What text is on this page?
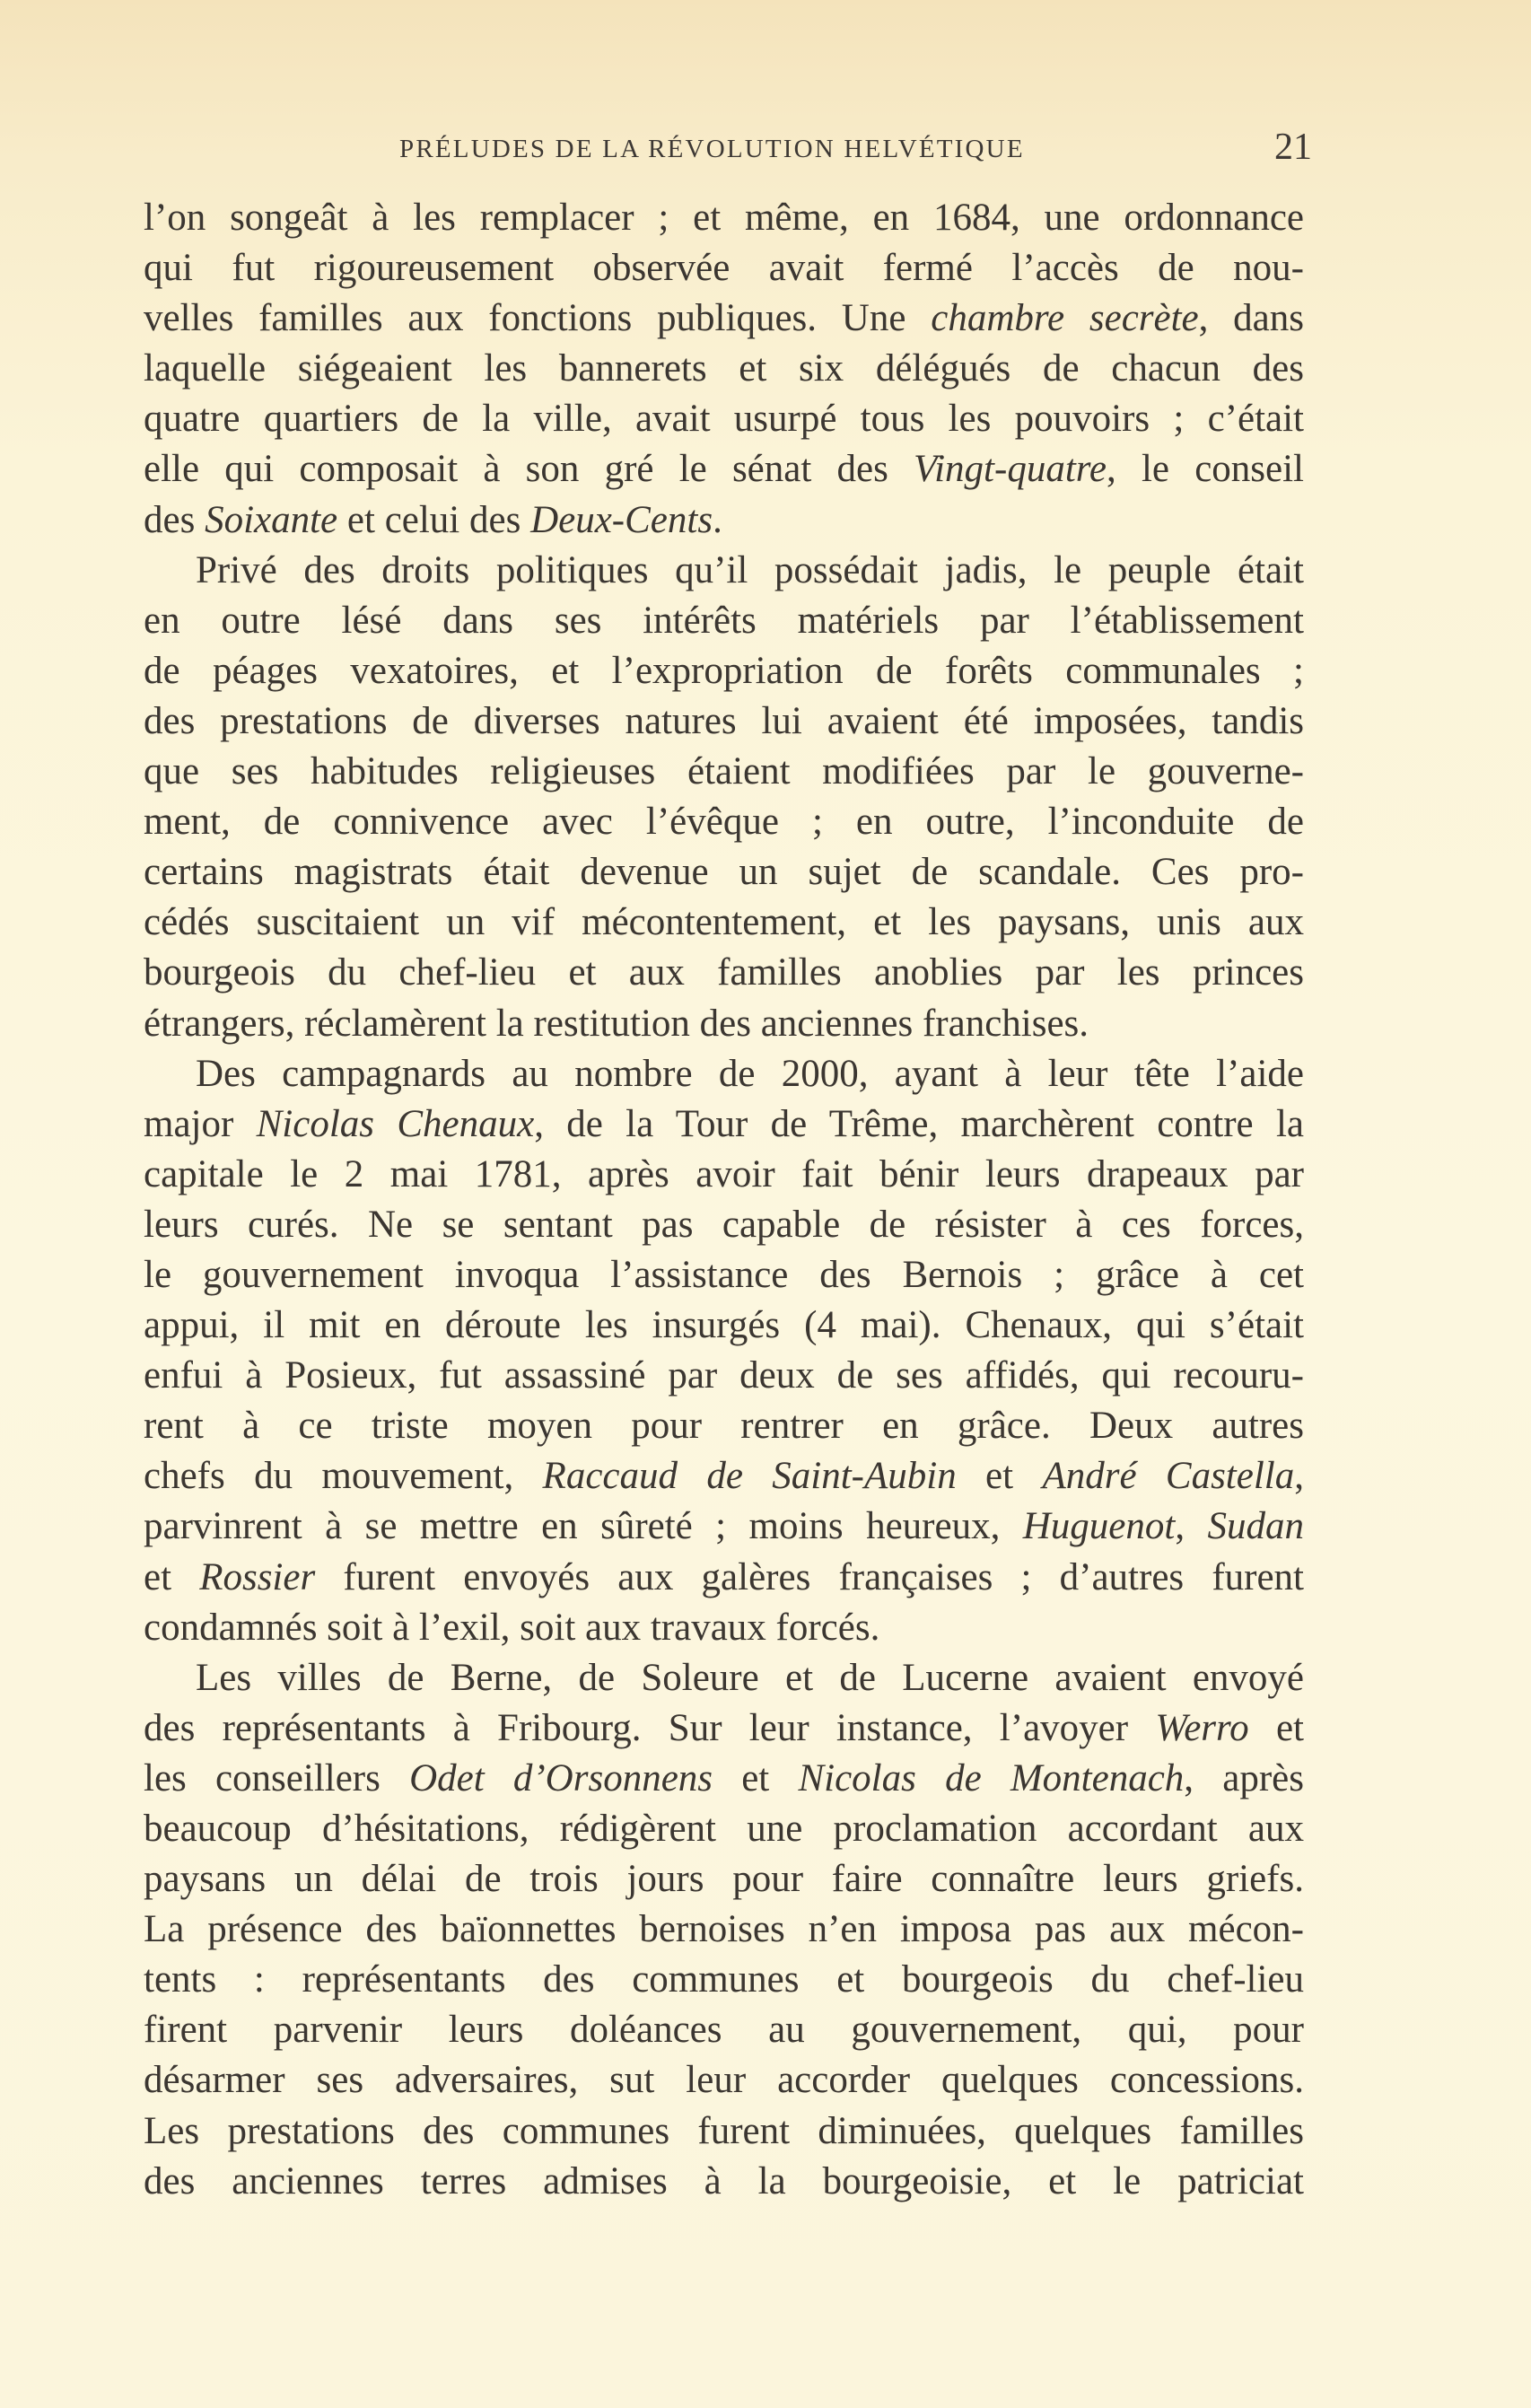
PRÉLUDES DE LA RÉVOLUTION HELVÉTIQUE	21
l’on songeât à les remplacer ; et même, en 1684, une ordonnance
qui fut rigoureusement observée avait fermé l’accès de nou-
velles familles aux fonctions publiques. Une chambre secrète, dans
laquelle siégeaient les bannerets et six délégués de chacun des
quatre quartiers de la ville, avait usurpé tous les pouvoirs ; c’était
elle qui composait à son gré le sénat des Vingt-quatre, le conseil
des Soixante et celui des Deux-Cents.
Privé des droits politiques qu’il possédait jadis, le peuple était
en outre lésé dans ses intérêts matériels par l’établissement
de péages vexatoires, et l’expropriation de forêts communales ;
des prestations de diverses natures lui avaient été imposées, tandis
que ses habitudes religieuses étaient modifiées par le gouverne-
ment, de connivence avec l’évêque ; en outre, l’inconduite de
certains magistrats était devenue un sujet de scandale. Ces pro-
cédés suscitaient un vif mécontentement, et les paysans, unis aux
bourgeois du chef-lieu et aux familles anoblies par les princes
étrangers, réclamèrent la restitution des anciennes franchises.
Des campagnards au nombre de 2000, ayant à leur tête l’aide
major Nicolas Chenaux, de la Tour de Trême, marchèrent contre la
capitale le 2 mai 1781, après avoir fait bénir leurs drapeaux par
leurs curés. Ne se sentant pas capable de résister à ces forces,
le gouvernement invoqua l’assistance des Bernois ; grâce à cet
appui, il mit en déroute les insurgés (4 mai). Chenaux, qui s’était
enfui à Posieux, fut assassiné par deux de ses affidés, qui recouru-
rent à ce triste moyen pour rentrer en grâce. Deux autres
chefs du mouvement, Raccaud de Saint-Aubin et André Castella,
parvinrent à se mettre en sûreté ; moins heureux, Huguenot, Sudan
et Rossier furent envoyés aux galères françaises ; d’autres furent
condamnés soit à l’exil, soit aux travaux forcés.
Les villes de Berne, de Soleure et de Lucerne avaient envoyé
des représentants à Fribourg. Sur leur instance, l’avoyer Werro et
les conseillers Odet d’Orsonnens et Nicolas de Montenach, après
beaucoup d’hésitations, rédigèrent une proclamation accordant aux
paysans un délai de trois jours pour faire connaître leurs griefs.
La présence des baïonnettes bernoises n’en imposa pas aux mécon-
tents : représentants des communes et bourgeois du chef-lieu
firent parvenir leurs doléances au gouvernement, qui, pour
désarmer ses adversaires, sut leur accorder quelques concessions.
Les prestations des communes furent diminuées, quelques familles
des anciennes terres admises à la bourgeoisie, et le patriciat
